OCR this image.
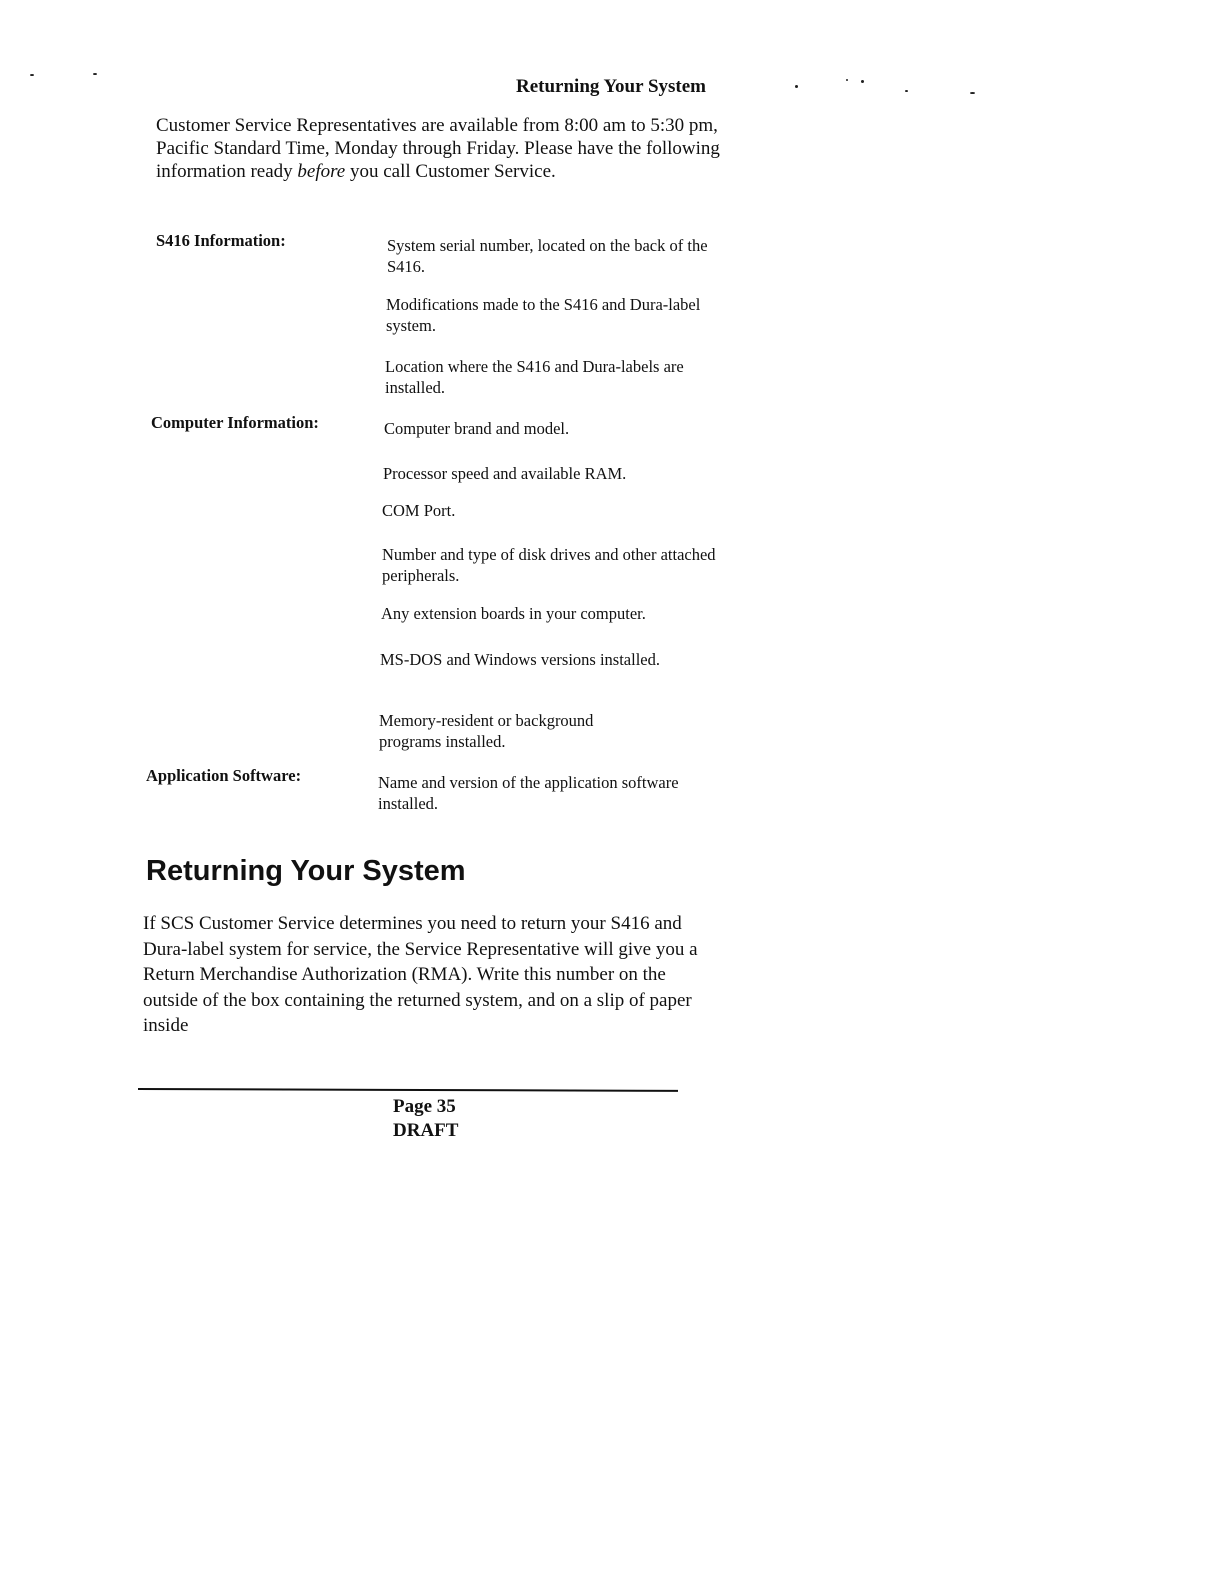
Returning Your System

Customer Service Representatives are available from 8:00 am to 5:30 pm, Pacific Standard Time, Monday through Friday. Please have the following information ready before you call Customer Service.

S416 Information:	System serial number, located on the back of the S416.
Modifications made to the S416 and Dura-label system.
Location where the S416 and Dura-labels are installed.
Computer Information:	Computer brand and model.
Processor speed and available RAM.
COM Port.
Number and type of disk drives and other attached peripherals.
Any extension boards in your computer.
MS-DOS and Windows versions installed.
Memory-resident or background programs installed.
Application Software:	Name and version of the application software installed.
Returning Your System

If SCS Customer Service determines you need to return your S416 and Dura-label system for service, the Service Representative will give you a Return Merchandise Authorization (RMA). Write this number on the outside of the box containing the returned system, and on a slip of paper inside

Page 35
DRAFT
